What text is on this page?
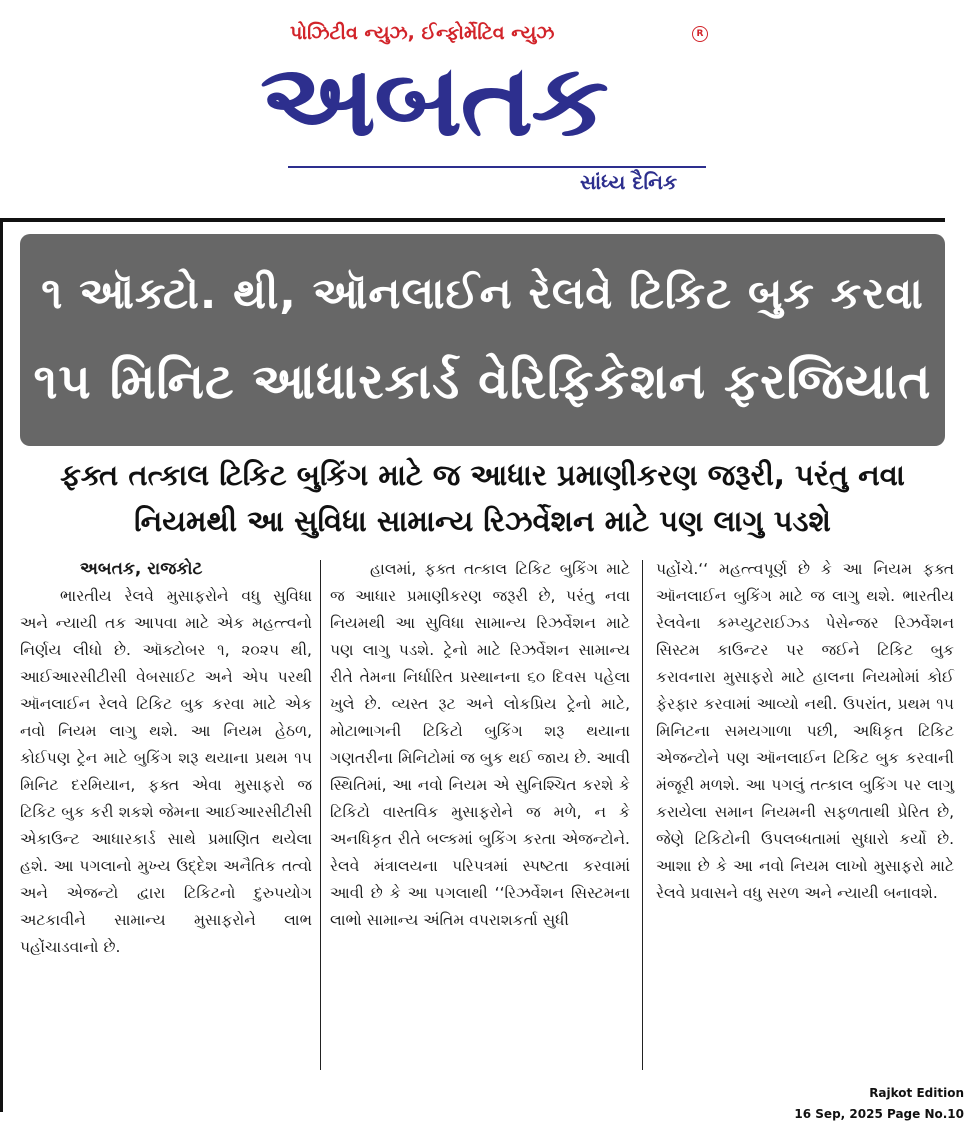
પોઝિટીવ ન્યુઝ, ઈન્ફોર્મેટિવ ન્યુઝ	R
અબતક
સાંધ્ય દૈનિક
૧ ઑક્ટો. થી, ઑનલાઈન રેલવે ટિકિટ બુક કરવા
૧૫ મિનિટ આધારકાર્ડ વેરિફિકેશન ફરજિયાત
ફક્ત તત્કાલ ટિકિટ બુકિંગ માટે જ આધાર પ્રમાણીકરણ જરૂરી, પરંતુ નવા
નિયમથી આ સુવિધા સામાન્ય રિઝર્વેશન માટે પણ લાગુ પડશે
અબતક, રાજકોટ
ભારતીય રેલવે મુસાફરોને વધુ સુવિધા અને ન્યાયી તક આપવા માટે એક મહત્ત્વનો નિર્ણય લીધો છે. ઑક્ટોબર ૧, ૨૦૨૫ થી, આઈઆરસીટીસી વેબસાઈટ અને એપ પરથી ઑનલાઈન રેલવે ટિકિટ બુક કરવા માટે એક નવો નિયમ લાગુ થશે. આ નિયમ હેઠળ, કોઈપણ ટ્રેન માટે બુકિંગ શરૂ થયાના પ્રથમ ૧૫ મિનિટ દરમિયાન, ફક્ત એવા મુસાફરો જ ટિકિટ બુક કરી શકશે જેમના આઈઆરસીટીસી એકાઉન્ટ આધારકાર્ડ સાથે પ્રમાણિત થયેલા હશે. આ પગલાનો મુખ્ય ઉદ્દેશ અનૈતિક તત્વો અને એજન્ટો દ્વારા ટિકિટનો દુરુપયોગ અટકાવીને સામાન્ય મુસાફરોને લાભ પહોંચાડવાનો છે.
હાલમાં, ફક્ત તત્કાલ ટિકિટ બુકિંગ માટે જ આધાર પ્રમાણીકરણ જરૂરી છે, પરંતુ નવા નિયમથી આ સુવિધા સામાન્ય રિઝર્વેશન માટે પણ લાગુ પડશે. ટ્રેનો માટે રિઝર્વેશન સામાન્ય રીતે તેમના નિર્ધારિત પ્રસ્થાનના ૬૦ દિવસ પહેલા ખુલે છે. વ્યસ્ત રૂટ અને લોકપ્રિય ટ્રેનો માટે, મોટાભાગની ટિકિટો બુકિંગ શરૂ થયાના ગણતરીના મિનિટોમાં જ બુક થઈ જાય છે. આવી સ્થિતિમાં, આ નવો નિયમ એ સુનિશ્ચિત કરશે કે ટિકિટો વાસ્તવિક મુસાફરોને જ મળે, ન કે અનધિકૃત રીતે બલ્કમાં બુકિંગ કરતા એજન્ટોને. રેલવે મંત્રાલયના પરિપત્રમાં સ્પષ્ટતા કરવામાં આવી છે કે આ પગલાથી ‘‘રિઝર્વેશન સિસ્ટમના લાભો સામાન્ય અંતિમ વપરાશકર્તા સુધી
પહોંચે.‘‘ મહત્ત્વપૂર્ણ છે કે આ નિયમ ફક્ત ઑનલાઈન બુકિંગ માટે જ લાગુ થશે. ભારતીય રેલવેના કમ્પ્યુટરાઈઝ્ડ પેસેન્જર રિઝર્વેશન સિસ્ટમ કાઉન્ટર પર જઈને ટિકિટ બુક કરાવનારા મુસાફરો માટે હાલના નિયમોમાં કોઈ ફેરફાર કરવામાં આવ્યો નથી. ઉપરાંત, પ્રથમ ૧૫ મિનિટના સમયગાળા પછી, અધિકૃત ટિકિટ એજન્ટોને પણ ઑનલાઈન ટિકિટ બુક કરવાની મંજૂરી મળશે. આ પગલું તત્કાલ બુકિંગ પર લાગુ કરાયેલા સમાન નિયમની સફળતાથી પ્રેરિત છે, જેણે ટિકિટોની ઉપલબ્ધતામાં સુધારો કર્યો છે. આશા છે કે આ નવો નિયમ લાખો મુસાફરો માટે રેલવે પ્રવાસને વધુ સરળ અને ન્યાયી બનાવશે.
Rajkot Edition
16 Sep, 2025 Page No.10
